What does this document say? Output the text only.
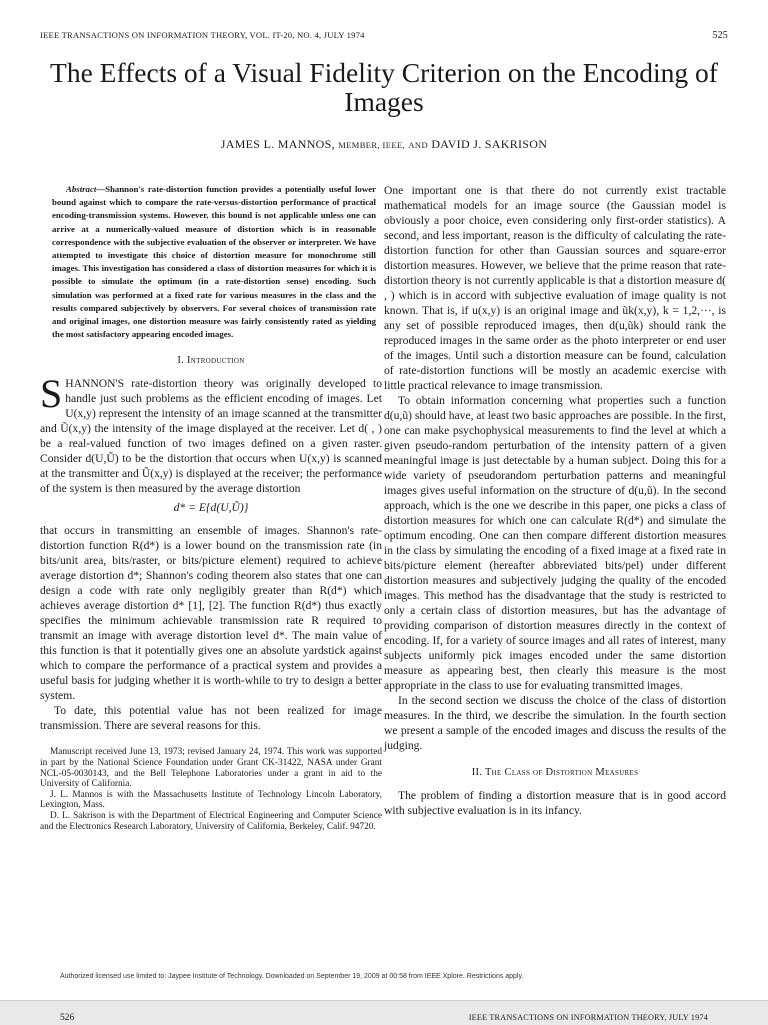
IEEE TRANSACTIONS ON INFORMATION THEORY, VOL. IT-20, NO. 4, JULY 1974	525
The Effects of a Visual Fidelity Criterion on the Encoding of Images
JAMES L. MANNOS, MEMBER, IEEE, AND DAVID J. SAKRISON

Abstract—Shannon's rate-distortion function provides a potentially useful lower bound against which to compare the rate-versus-distortion performance of practical encoding-transmission systems. However, this bound is not applicable unless one can arrive at a numerically-valued measure of distortion which is in reasonable correspondence with the subjective evaluation of the observer or interpreter. We have attempted to investigate this choice of distortion measure for monochrome still images. This investigation has considered a class of distortion measures for which it is possible to simulate the optimum (in a rate-distortion sense) encoding. Such simulation was performed at a fixed rate for various measures in the class and the results compared subjectively by observers. For several choices of transmission rate and original images, one distortion measure was fairly consistently rated as yielding the most satisfactory appearing encoded images.

I. Introduction

SHANNON'S rate-distortion theory was originally developed to handle just such problems as the efficient encoding of images. Let U(x,y) represent the intensity of an image scanned at the transmitter and Ũ(x,y) the intensity of the image displayed at the receiver. Let d( , ) be a real-valued function of two images defined on a given raster. Consider d(U,Ũ) to be the distortion that occurs when U(x,y) is scanned at the transmitter and Ũ(x,y) is displayed at the receiver; the performance of the system is then measured by the average distortion

d* = E{d(U,Ũ)}

that occurs in transmitting an ensemble of images. Shannon's rate-distortion function R(d*) is a lower bound on the transmission rate (in bits/unit area, bits/raster, or bits/picture element) required to achieve average distortion d*; Shannon's coding theorem also states that one can design a code with rate only negligibly greater than R(d*) which achieves average distortion d* [1], [2]. The function R(d*) thus exactly specifies the minimum achievable transmission rate R required to transmit an image with average distortion level d*. The main value of this function is that it potentially gives one an absolute yardstick against which to compare the performance of a practical system and provides a useful basis for judging whether it is worth-while to try to design a better system.

To date, this potential value has not been realized for image transmission. There are several reasons for this.

Manuscript received June 13, 1973; revised January 24, 1974. This work was supported in part by the National Science Foundation under Grant CK-31422, NASA under Grant NCL-05-0030143, and the Bell Telephone Laboratories under a grant in aid to the University of California.

J. L. Mannos is with the Massachusetts Institute of Technology Lincoln Laboratory, Lexington, Mass.

D. L. Sakrison is with the Department of Electrical Engineering and Computer Science and the Electronics Research Laboratory, University of California, Berkeley, Calif. 94720.

One important one is that there do not currently exist tractable mathematical models for an image source (the Gaussian model is obviously a poor choice, even considering only first-order statistics). A second, and less important, reason is the difficulty of calculating the rate-distortion function for other than Gaussian sources and square-error distortion measures. However, we believe that the prime reason that rate-distortion theory is not currently applicable is that a distortion measure d( , ) which is in accord with subjective evaluation of image quality is not known. That is, if u(x,y) is an original image and ũk(x,y), k = 1,2,···, is any set of possible reproduced images, then d(u,ũk) should rank the reproduced images in the same order as the photo interpreter or end user of the images. Until such a distortion measure can be found, calculation of rate-distortion functions will be mostly an academic exercise with little practical relevance to image transmission.

To obtain information concerning what properties such a function d(u,ũ) should have, at least two basic approaches are possible. In the first, one can make psychophysical measurements to find the level at which a given pseudo-random perturbation of the intensity pattern of a given meaningful image is just detectable by a human subject. Doing this for a wide variety of pseudorandom perturbation patterns and meaningful images gives useful information on the structure of d(u,ũ). In the second approach, which is the one we describe in this paper, one picks a class of distortion measures for which one can calculate R(d*) and simulate the optimum encoding. One can then compare different distortion measures in the class by simulating the encoding of a fixed image at a fixed rate in bits/picture element (hereafter abbreviated bits/pel) under different distortion measures and subjectively judging the quality of the encoded images. This method has the disadvantage that the study is restricted to only a certain class of distortion measures, but has the advantage of providing comparison of distortion measures directly in the context of encoding. If, for a variety of source images and all rates of interest, many subjects uniformly pick images encoded under the same distortion measure as appearing best, then clearly this measure is the most appropriate in the class to use for evaluating transmitted images.

In the second section we discuss the choice of the class of distortion measures. In the third, we describe the simulation. In the fourth section we present a sample of the encoded images and discuss the results of the judging.

II. The Class of Distortion Measures

The problem of finding a distortion measure that is in good accord with subjective evaluation is in its infancy.

Authorized licensed use limited to: Jaypee Institute of Technology. Downloaded on September 19, 2009 at 00:58 from IEEE Xplore. Restrictions apply.
526	IEEE TRANSACTIONS ON INFORMATION THEORY, JULY 1974
